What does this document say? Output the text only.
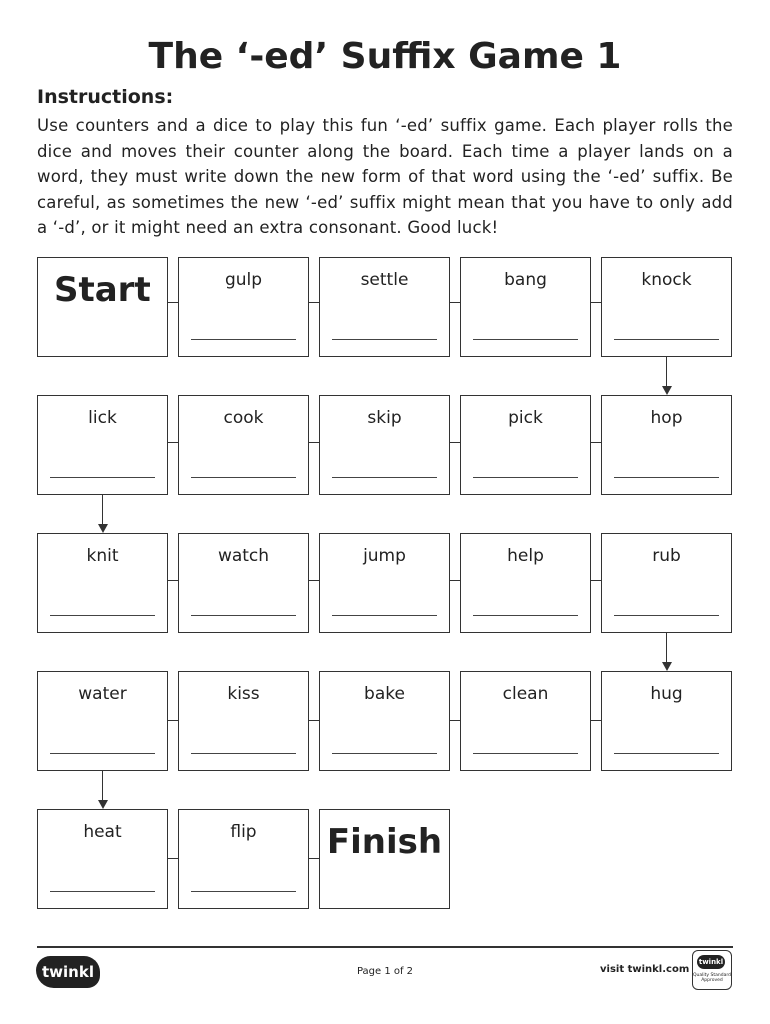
The ‘-ed’ Suffix Game 1
Instructions:
Use counters and a dice to play this fun ‘-ed’ suffix game. Each player rolls the dice and moves their counter along the board. Each time a player lands on a word, they must write down the new form of that word using the ‘-ed’ suffix. Be careful, as sometimes the new ‘-ed’ suffix might mean that you have to only add a ‘-d’, or it might need an extra consonant. Good luck!
Start	gulp	settle	bang	knock
lick	cook	skip	pick	hop
knit	watch	jump	help	rub
water	kiss	bake	clean	hug
heat	flip	Finish
twinkl	Page 1 of 2	visit twinkl.com
twinkl
Quality Standard Approved
